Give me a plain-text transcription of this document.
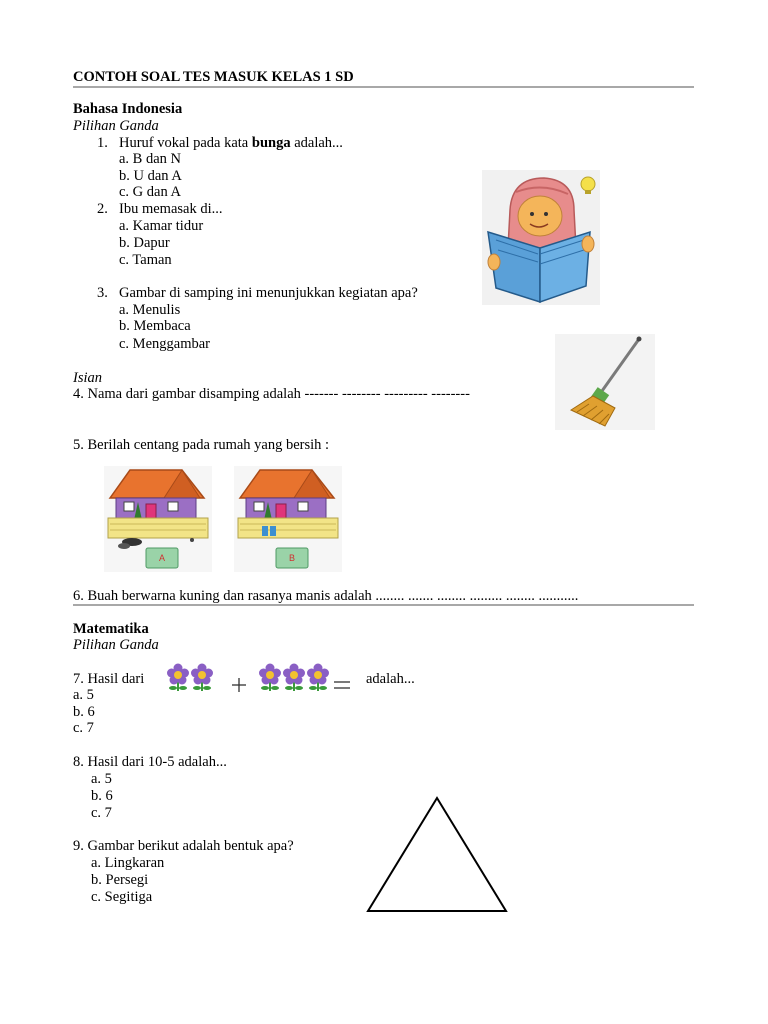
CONTOH SOAL TES MASUK KELAS 1 SD
Bahasa Indonesia
Pilihan Ganda
1. Huruf vokal pada kata bunga adalah...
a. B dan N
b. U dan A
c. G dan A
2. Ibu memasak di...
a. Kamar tidur
b. Dapur
c. Taman
3. Gambar di samping ini menunjukkan kegiatan apa?
a. Menulis
b. Membaca
c. Menggambar
Isian
4. Nama dari gambar disamping adalah ------- -------- --------- --------
5. Berilah centang pada rumah yang bersih :
A	B
6. Buah berwarna kuning dan rasanya manis adalah ........ ....... ........ ......... ........ ...........
Matematika
Pilihan Ganda
7. Hasil dari	adalah...
a. 5
b. 6
c. 7
8. Hasil dari 10-5 adalah...
a. 5
b. 6
c. 7
9. Gambar berikut adalah bentuk apa?
a. Lingkaran
b. Persegi
c. Segitiga
